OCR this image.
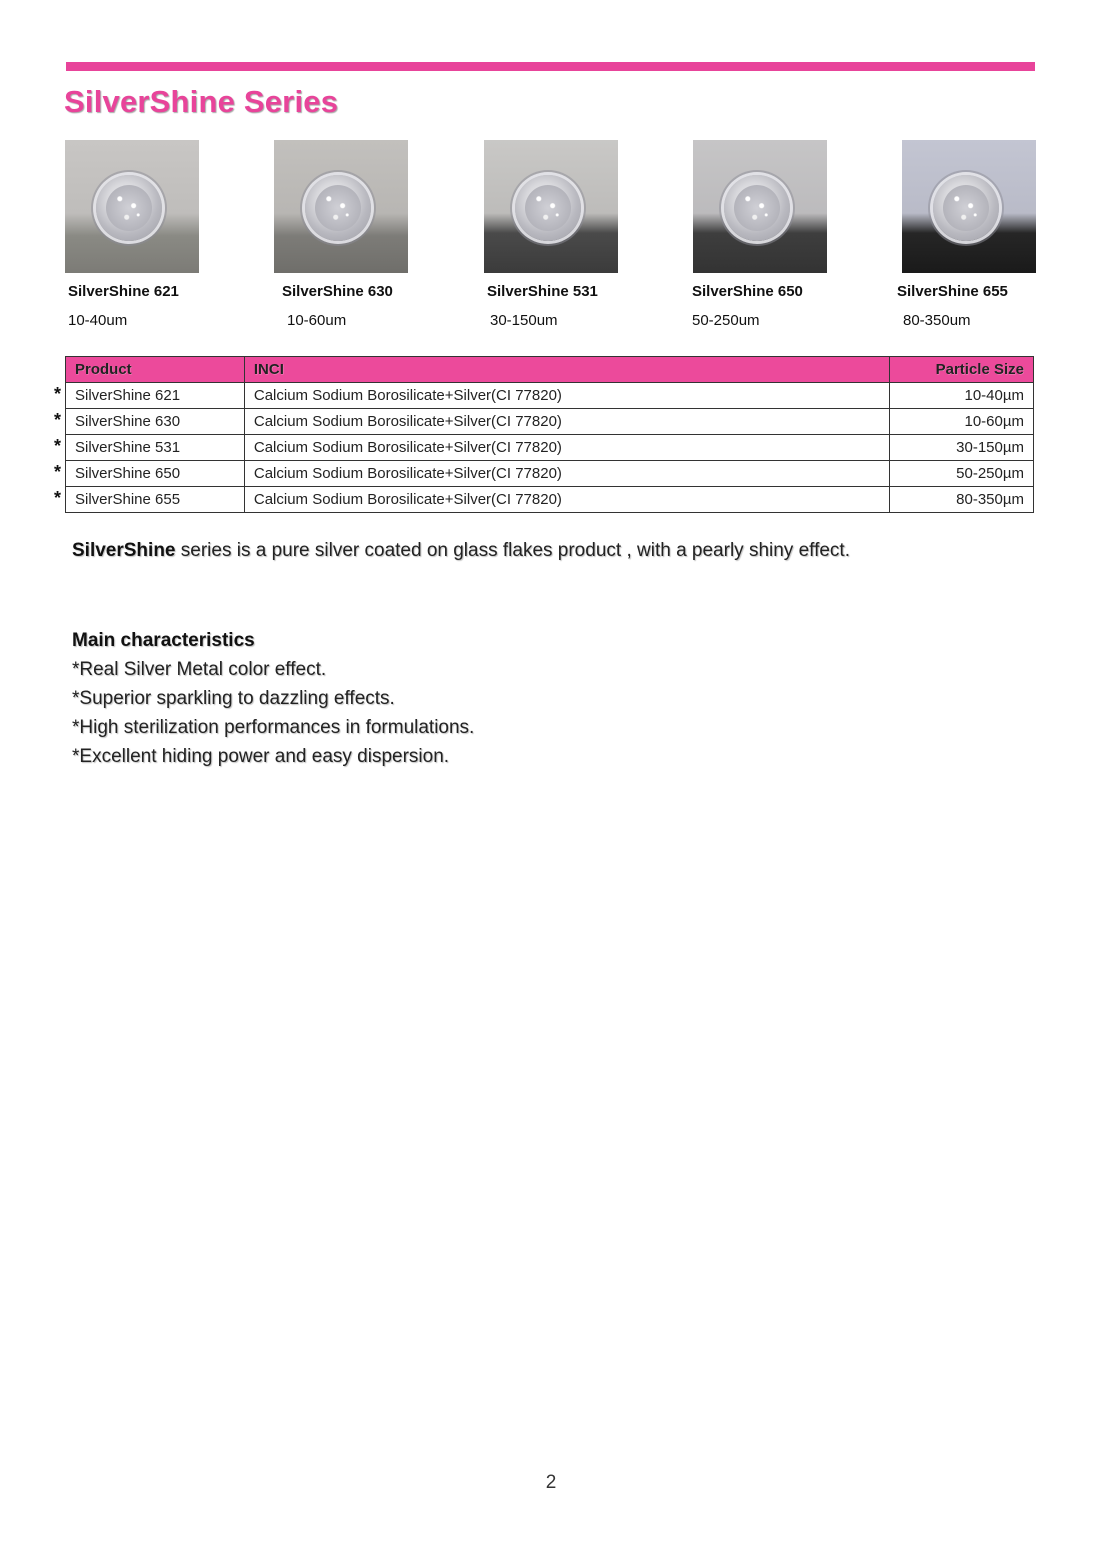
SilverShine Series
SilverShine 621	SilverShine 630	SilverShine 531	SilverShine 650	SilverShine 655
10-40um	10-60um	30-150um	50-250um	80-350um
Product	INCI	Particle Size
SilverShine 621	Calcium Sodium Borosilicate+Silver(CI 77820)	10-40µm
SilverShine 630	Calcium Sodium Borosilicate+Silver(CI 77820)	10-60µm
SilverShine 531	Calcium Sodium Borosilicate+Silver(CI 77820)	30-150µm
SilverShine 650	Calcium Sodium Borosilicate+Silver(CI 77820)	50-250µm
SilverShine 655	Calcium Sodium Borosilicate+Silver(CI 77820)	80-350µm
*
*
*
*
*
SilverShine series is a pure silver coated on glass flakes product , with a pearly shiny effect.
Main characteristics
*Real Silver Metal color effect.
*Superior sparkling to dazzling effects.
*High sterilization performances in formulations.
*Excellent hiding power and easy dispersion.
2
